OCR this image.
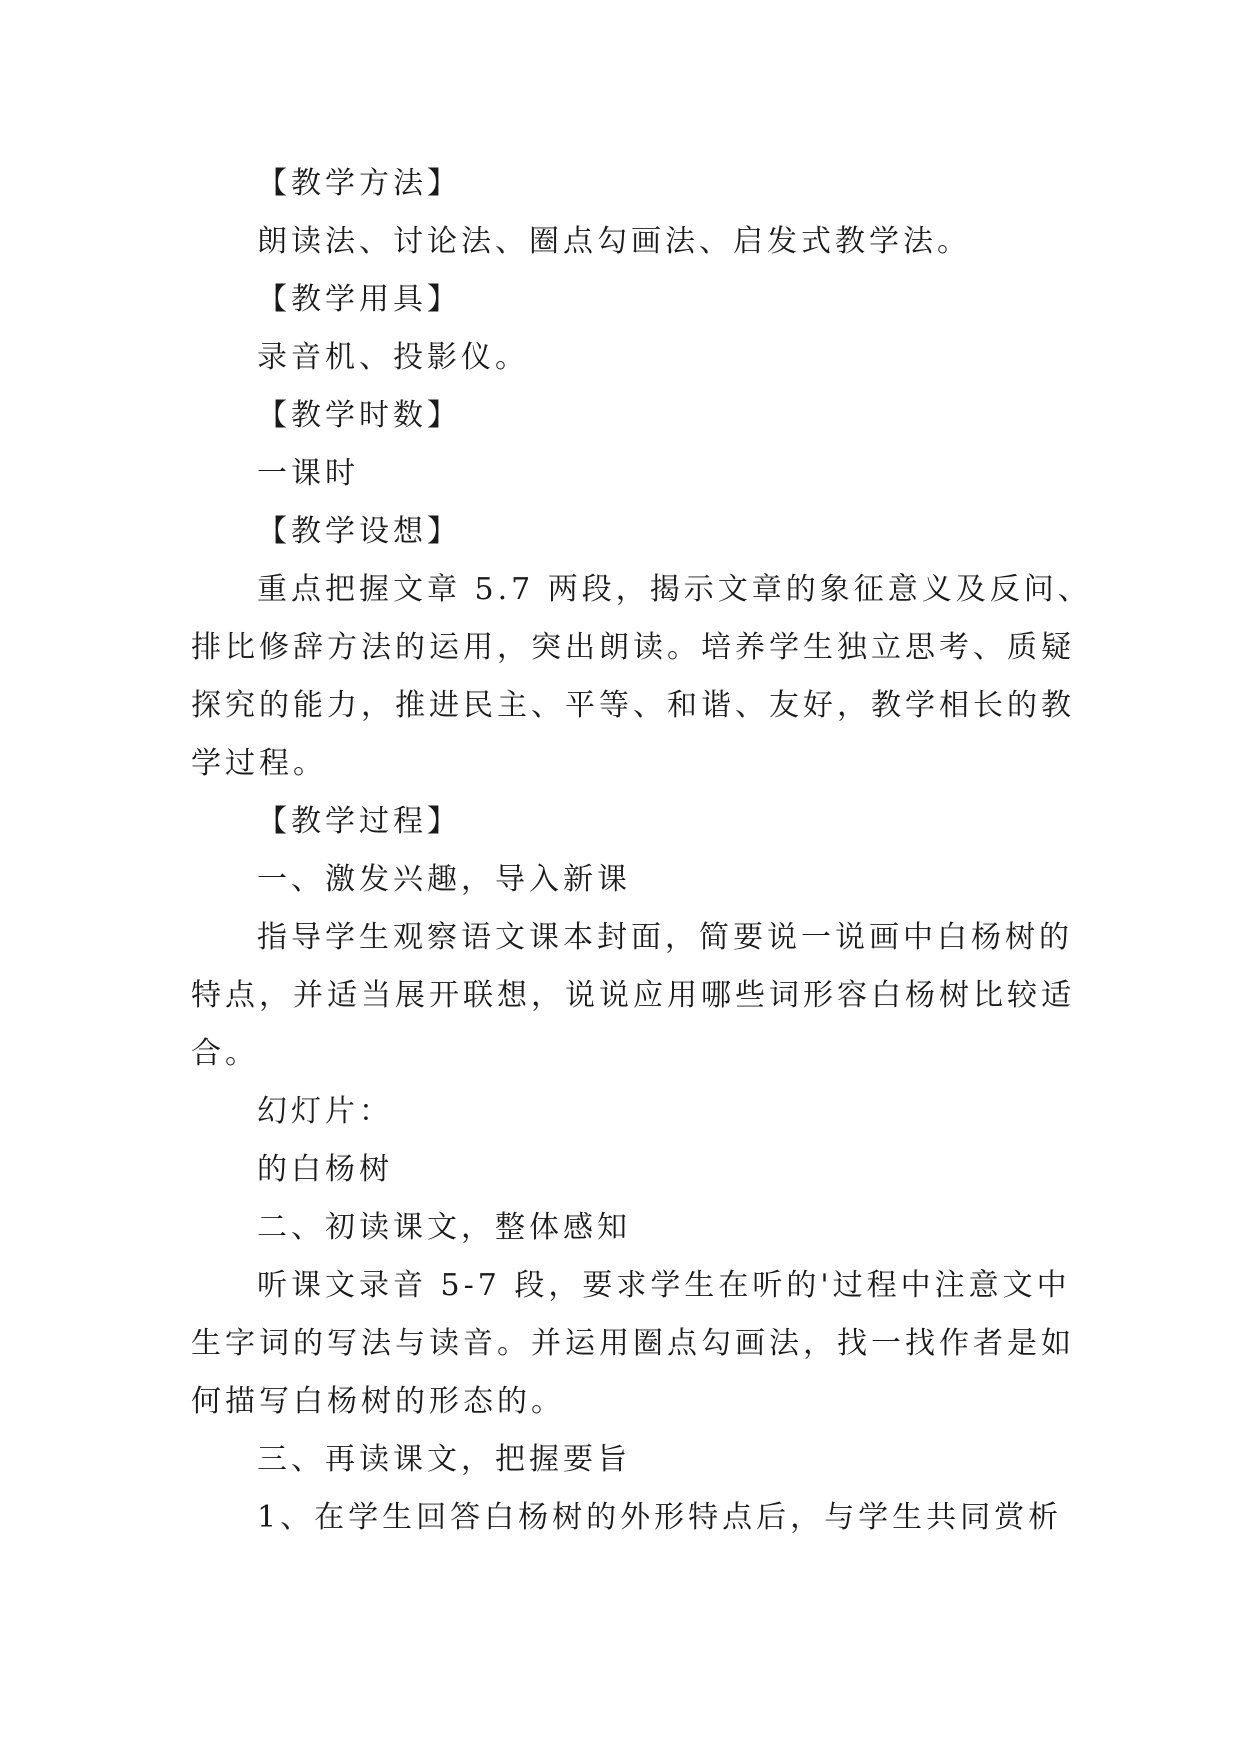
【教学方法】
朗读法、讨论法、圈点勾画法、启发式教学法。
【教学用具】
录音机、投影仪。
【教学时数】
一课时
【教学设想】
重点把握文章 5.7 两段，揭示文章的象征意义及反问、
排比修辞方法的运用，突出朗读。培养学生独立思考、质疑
探究的能力，推进民主、平等、和谐、友好，教学相长的教
学过程。
【教学过程】
一、激发兴趣，导入新课
指导学生观察语文课本封面，简要说一说画中白杨树的
特点，并适当展开联想，说说应用哪些词形容白杨树比较适
合。
幻灯片：
的白杨树
二、初读课文，整体感知
听课文录音 5-7 段，要求学生在听的'过程中注意文中
生字词的写法与读音。并运用圈点勾画法，找一找作者是如
何描写白杨树的形态的。
三、再读课文，把握要旨
1、在学生回答白杨树的外形特点后，与学生共同赏析
